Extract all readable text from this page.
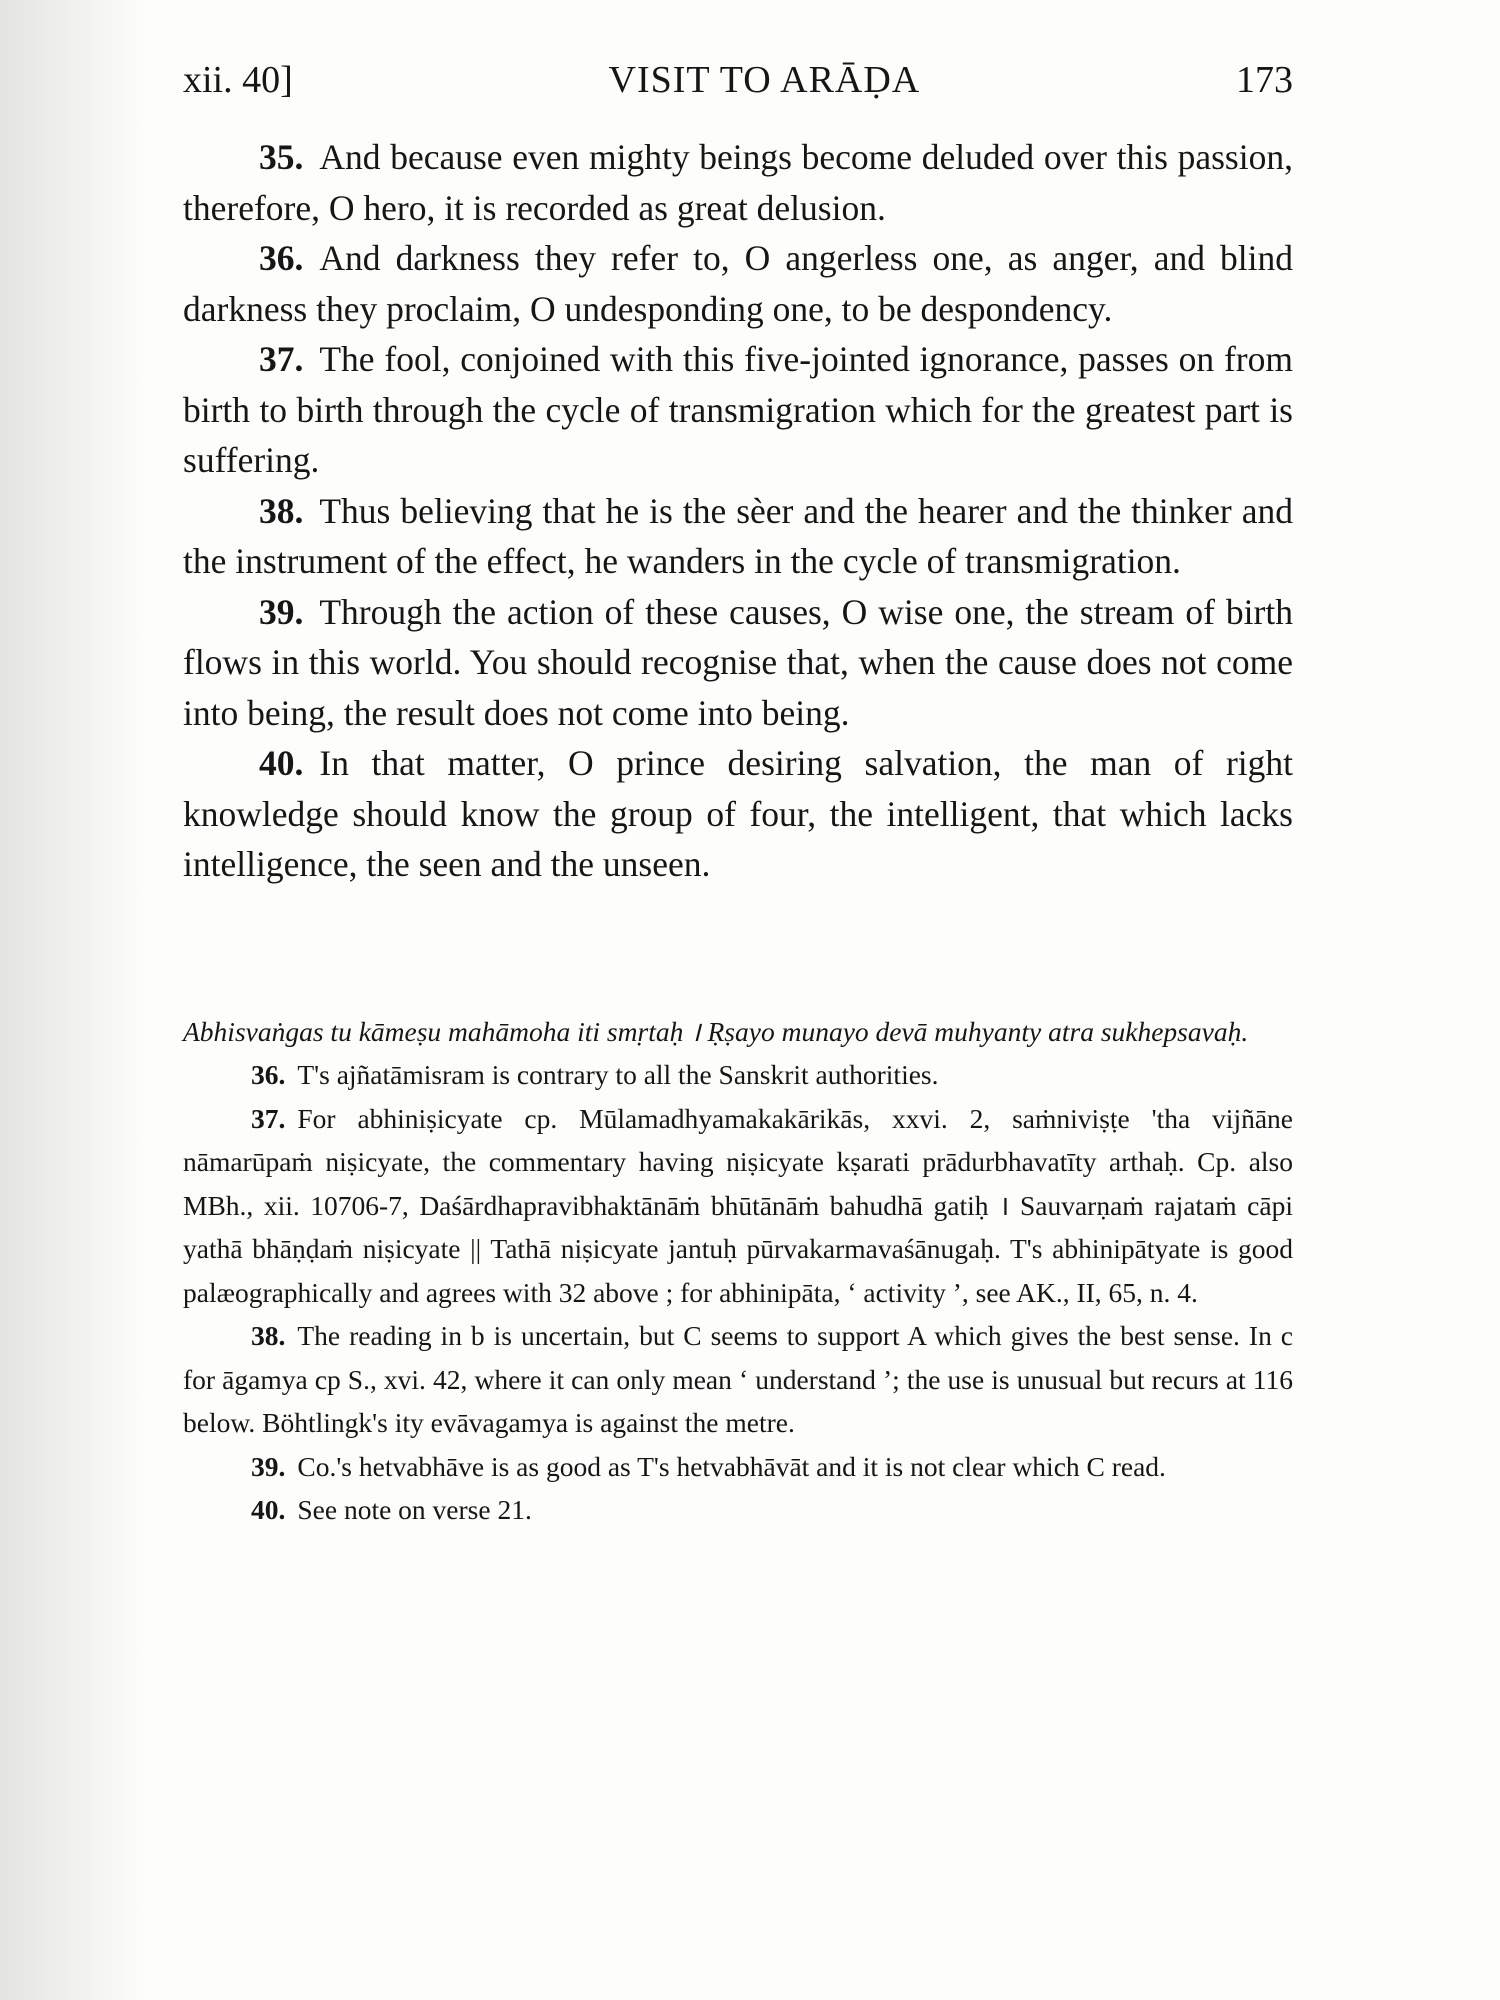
xii. 40]	VISIT TO ARĀḌA	173

35. And because even mighty beings become deluded over this passion, therefore, O hero, it is recorded as great delusion.

36. And darkness they refer to, O angerless one, as anger, and blind darkness they proclaim, O undesponding one, to be despondency.

37. The fool, conjoined with this five-jointed ignorance, passes on from birth to birth through the cycle of transmigration which for the greatest part is suffering.

38. Thus believing that he is the sèer and the hearer and the thinker and the instrument of the effect, he wanders in the cycle of transmigration.

39. Through the action of these causes, O wise one, the stream of birth flows in this world. You should recognise that, when the cause does not come into being, the result does not come into being.

40. In that matter, O prince desiring salvation, the man of right knowledge should know the group of four, the intelligent, that which lacks intelligence, the seen and the unseen.

Abhisvaṅgas tu kāmeṣu mahāmoha iti smṛtaḥ । Ṛṣayo munayo devā muhyanty atra sukhepsavaḥ.

36. T's ajñatāmisram is contrary to all the Sanskrit authorities.

37. For abhiniṣicyate cp. Mūlamadhyamakakārikās, xxvi. 2, saṁniviṣṭe 'tha vijñāne nāmarūpaṁ niṣicyate, the commentary having niṣicyate kṣarati prādurbhavatīty arthaḥ. Cp. also MBh., xii. 10706-7, Daśārdhapravibhaktānāṁ bhūtānāṁ bahudhā gatiḥ । Sauvarṇaṁ rajataṁ cāpi yathā bhāṇḍaṁ niṣicyate || Tathā niṣicyate jantuḥ pūrvakarmavaśānugaḥ. T's abhinipātyate is good palæographically and agrees with 32 above ; for abhinipāta, ‘ activity ’, see AK., II, 65, n. 4.

38. The reading in b is uncertain, but C seems to support A which gives the best sense. In c for āgamya cp S., xvi. 42, where it can only mean ‘ understand ’; the use is unusual but recurs at 116 below. Böhtlingk's ity evāvagamya is against the metre.

39. Co.'s hetvabhāve is as good as T's hetvabhāvāt and it is not clear which C read.

40. See note on verse 21.
